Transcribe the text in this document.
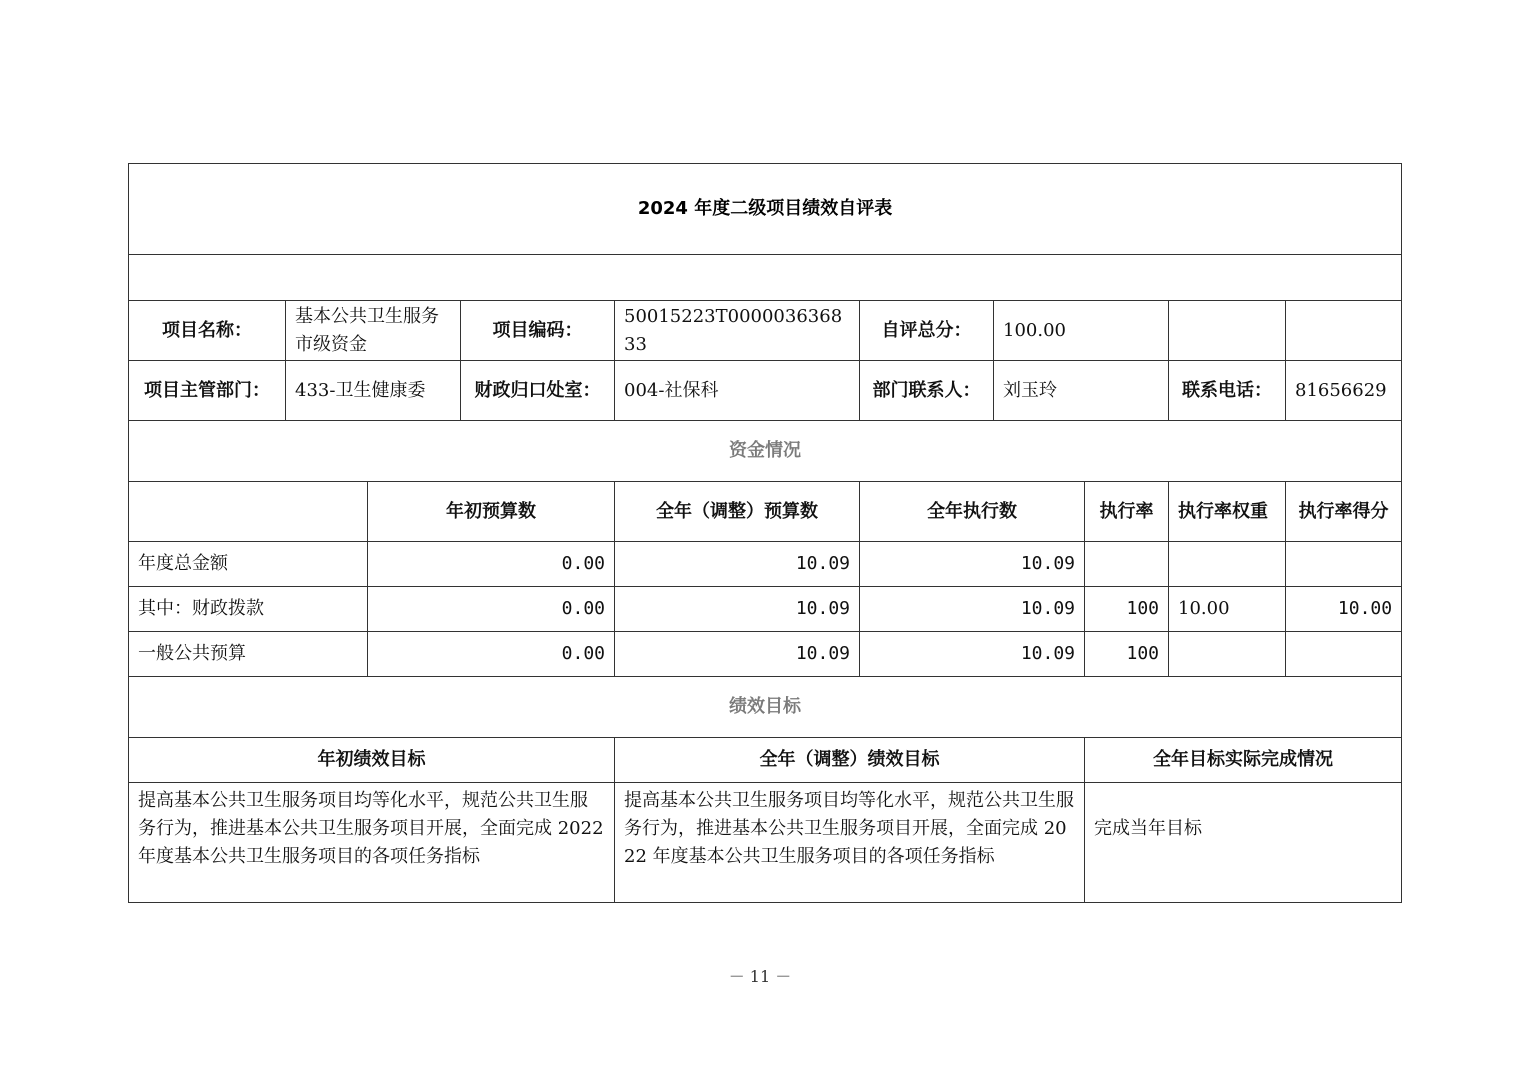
2024 年度二级项目绩效自评表									

项目名称：	基本公共卫生服务市级资金		项目编码：	50015223T000003636833	自评总分：	100.00			
项目主管部门：	433-卫生健康委		财政归口处室：	004-社保科	部门联系人：	刘玉玲		联系电话：	81656629
资金情况									
		年初预算数		全年（调整）预算数	全年执行数		执行率	执行率权重	执行率得分
年度总金额		0.00		10.09	10.09				
其中：财政拨款		0.00		10.09	10.09		100	10.00	10.00
一般公共预算		0.00		10.09	10.09		100		
绩效目标									
年初绩效目标				全年（调整）绩效目标			全年目标实际完成情况		
提高基本公共卫生服务项目均等化水平，规范公共卫生服务行为，推进基本公共卫生服务项目开展，全面完成 2022 年度基本公共卫生服务项目的各项任务指标				提高基本公共卫生服务项目均等化水平，规范公共卫生服务行为，推进基本公共卫生服务项目开展，全面完成 2022 年度基本公共卫生服务项目的各项任务指标			完成当年目标		
－ 11 －
